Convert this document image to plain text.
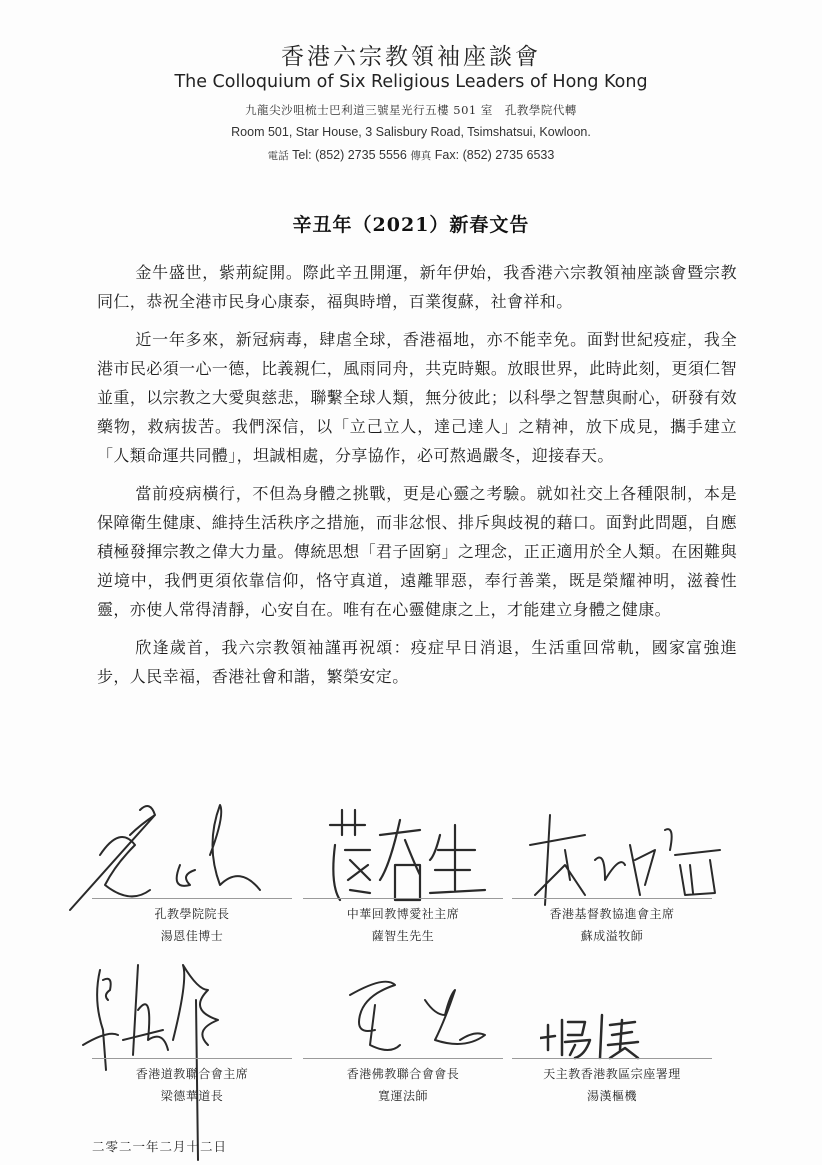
香港六宗教領袖座談會
The Colloquium of Six Religious Leaders of Hong Kong
九龍尖沙咀梳士巴利道三號星光行五樓 501 室　孔教學院代轉
Room 501, Star House, 3 Salisbury Road, Tsimshatsui, Kowloon.
電話 Tel: (852) 2735 5556 傳真 Fax: (852) 2735 6533
辛丑年（2021）新春文告

金牛盛世，紫荊綻開。際此辛丑開運，新年伊始，我香港六宗教領袖座談會暨宗教同仁，恭祝全港市民身心康泰，福與時增，百業復蘇，社會祥和。

近一年多來，新冠病毒，肆虐全球，香港福地，亦不能幸免。面對世紀疫症，我全港市民必須一心一德，比義親仁，風雨同舟，共克時艱。放眼世界，此時此刻，更須仁智並重，以宗教之大愛與慈悲，聯繫全球人類，無分彼此；以科學之智慧與耐心，研發有效藥物，救病拔苦。我們深信，以「立己立人，達己達人」之精神，放下成見，攜手建立「人類命運共同體」，坦誠相處，分享協作，必可熬過嚴冬，迎接春天。

當前疫病橫行，不但為身體之挑戰，更是心靈之考驗。就如社交上各種限制，本是保障衛生健康、維持生活秩序之措施，而非忿恨、排斥與歧視的藉口。面對此問題，自應積極發揮宗教之偉大力量。傳統思想「君子固窮」之理念，正正適用於全人類。在困難與逆境中，我們更須依靠信仰，恪守真道，遠離罪惡，奉行善業，既是榮耀神明，滋養性靈，亦使人常得清靜，心安自在。唯有在心靈健康之上，才能建立身體之健康。

欣逢歲首，我六宗教領袖謹再祝頌：疫症早日消退，生活重回常軌，國家富強進步，人民幸福，香港社會和諧，繁榮安定。

孔教學院院長
湯恩佳博士
中華回教博愛社主席
薩智生先生
香港基督教協進會主席
蘇成溢牧師
香港道教聯合會主席
梁德華道長
香港佛教聯合會會長
寬運法師
天主教香港教區宗座署理
湯漢樞機
二零二一年二月十二日
